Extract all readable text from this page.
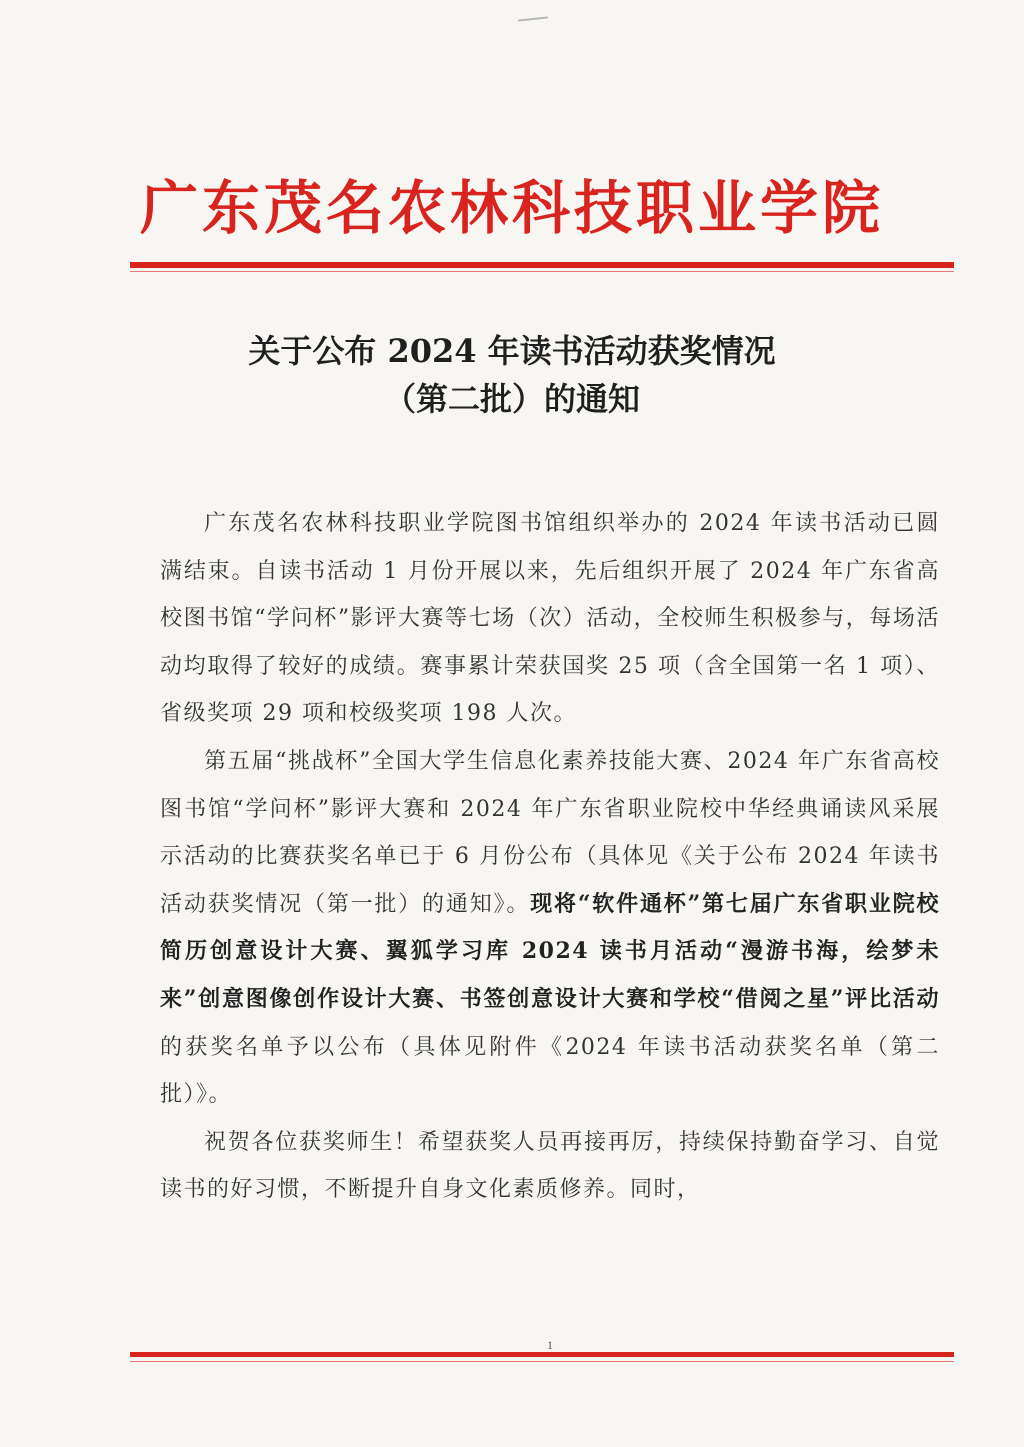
广东茂名农林科技职业学院
关于公布 2024 年读书活动获奖情况
（第二批）的通知

广东茂名农林科技职业学院图书馆组织举办的 2024 年读书活动已圆满结束。自读书活动 1 月份开展以来，先后组织开展了 2024 年广东省高校图书馆“学问杯”影评大赛等七场（次）活动，全校师生积极参与，每场活动均取得了较好的成绩。赛事累计荣获国奖 25 项（含全国第一名 1 项）、省级奖项 29 项和校级奖项 198 人次。

第五届“挑战杯”全国大学生信息化素养技能大赛、2024 年广东省高校图书馆“学问杯”影评大赛和 2024 年广东省职业院校中华经典诵读风采展示活动的比赛获奖名单已于 6 月份公布（具体见《关于公布 2024 年读书活动获奖情况（第一批）的通知》。现将“软件通杯”第七届广东省职业院校简历创意设计大赛、翼狐学习库 2024 读书月活动“漫游书海，绘梦未来”创意图像创作设计大赛、书签创意设计大赛和学校“借阅之星”评比活动的获奖名单予以公布（具体见附件《2024 年读书活动获奖名单（第二批）》。

祝贺各位获奖师生！希望获奖人员再接再厉，持续保持勤奋学习、自觉读书的好习惯，不断提升自身文化素质修养。同时，

1
